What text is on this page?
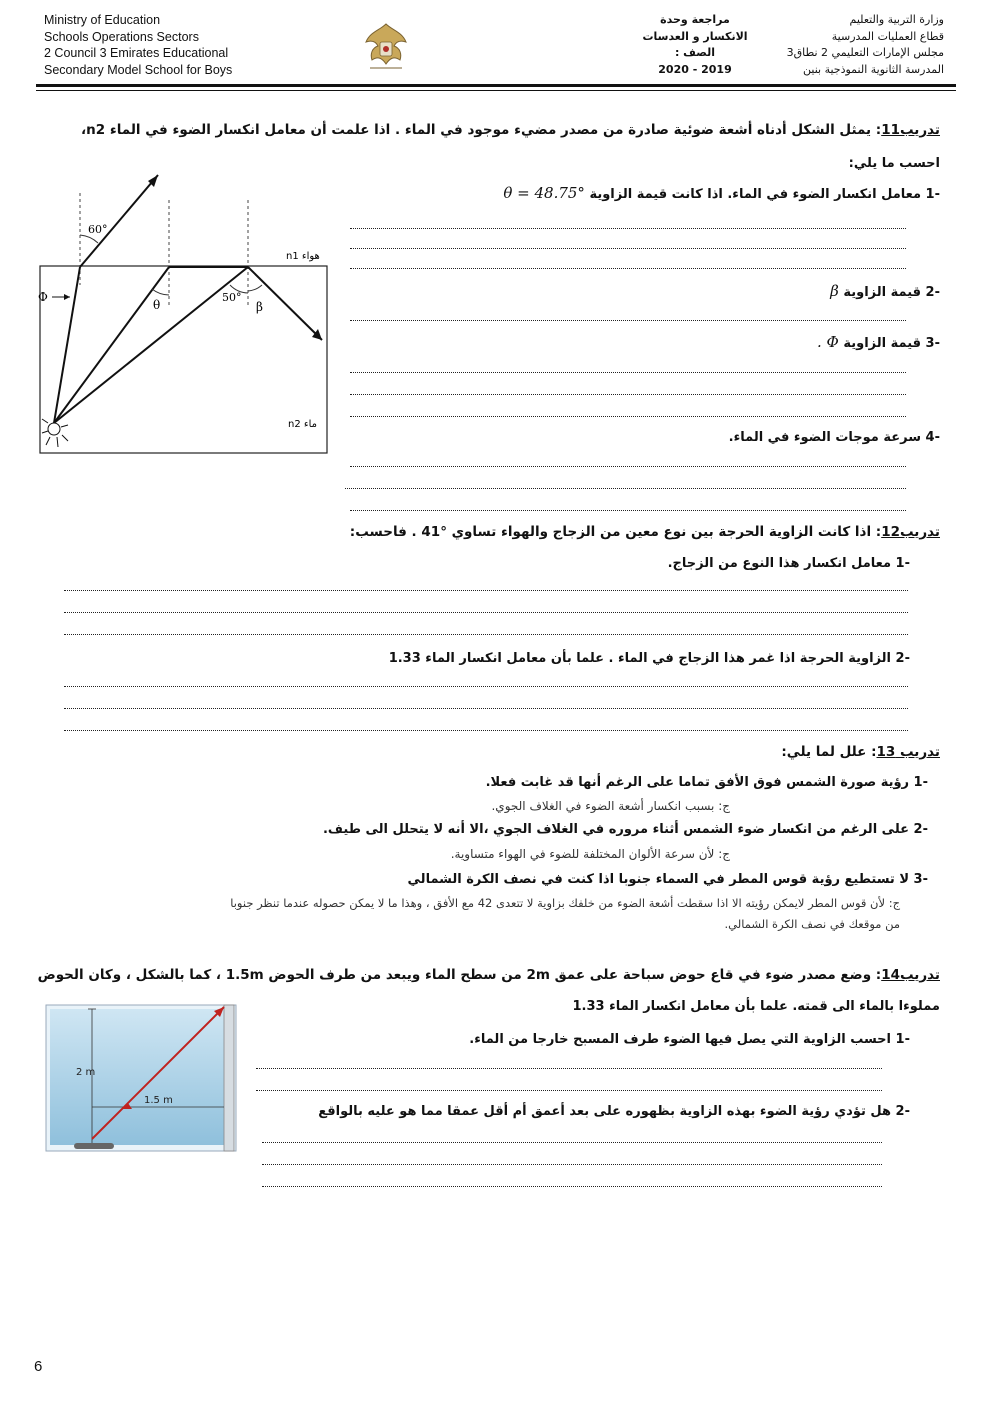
Ministry of Education
Schools Operations Sectors
2 Council 3 Emirates Educational
Secondary Model School for Boys
مراجعة وحدة
الانكسار و العدسات
الصف :
2020 - 2019
وزارة التربية والتعليم
قطاع العمليات المدرسية
مجلس الإمارات التعليمي 2 نطاق3
المدرسة الثانوية النموذجية بنين
تدريب11: يمثل الشكل أدناه أشعة ضوئية صادرة من مصدر مضيء موجود في الماء . اذا علمت أن معامل انكسار الضوء في الماء n2،
احسب ما يلي:
60°
50°
θ	β
Φ
n1 هواء
n2 ماء
-1 معامل انكسار الضوء في الماء. اذا كانت قيمة الزاوية θ = 48.75°
-2 قيمة الزاوية β
-3 قيمة الزاوية Φ .
-4 سرعة موجات الضوء في الماء.
تدريب12: اذا كانت الزاوية الحرجة بين نوع معين من الزجاج والهواء تساوي °41 . فاحسب:
-1 معامل انكسار هذا النوع من الزجاج.
-2 الزاوية الحرجة اذا غمر هذا الزجاج في الماء . علما بأن معامل انكسار الماء 1.33
تدريب 13: علل لما يلي:
-1 رؤية صورة الشمس فوق الأفق تماما على الرغم أنها قد غابت فعلا.
ج: بسبب انكسار أشعة الضوء في الغلاف الجوي.
-2 على الرغم من انكسار ضوء الشمس أثناء مروره في الغلاف الجوي ،الا أنه لا يتحلل الى طيف.
ج: لأن سرعة الألوان المختلفة للضوء في الهواء متساوية.
-3 لا تستطيع رؤية قوس المطر في السماء جنوبا اذا كنت في نصف الكرة الشمالي
ج: لأن قوس المطر لايمكن رؤيته الا اذا سقطت أشعة الضوء من خلفك بزاوية لا تتعدى 42 مع الأفق ، وهذا ما لا يمكن حصوله عندما تنظر جنوبا
من موقعك في نصف الكرة الشمالي.
تدريب14: وضع مصدر ضوء في قاع حوض سباحة على عمق 2m من سطح الماء ويبعد من طرف الحوض 1.5m ، كما بالشكل ، وكان الحوض
مملوءا بالماء الى قمته. علما بأن معامل انكسار الماء 1.33
2 m
1.5 m
-1 احسب الزاوية التي يصل فيها الضوء طرف المسبح خارجا من الماء.
-2 هل تؤدي رؤية الضوء بهذه الزاوية بظهوره على بعد أعمق أم أقل عمقا مما هو عليه بالواقع
6
